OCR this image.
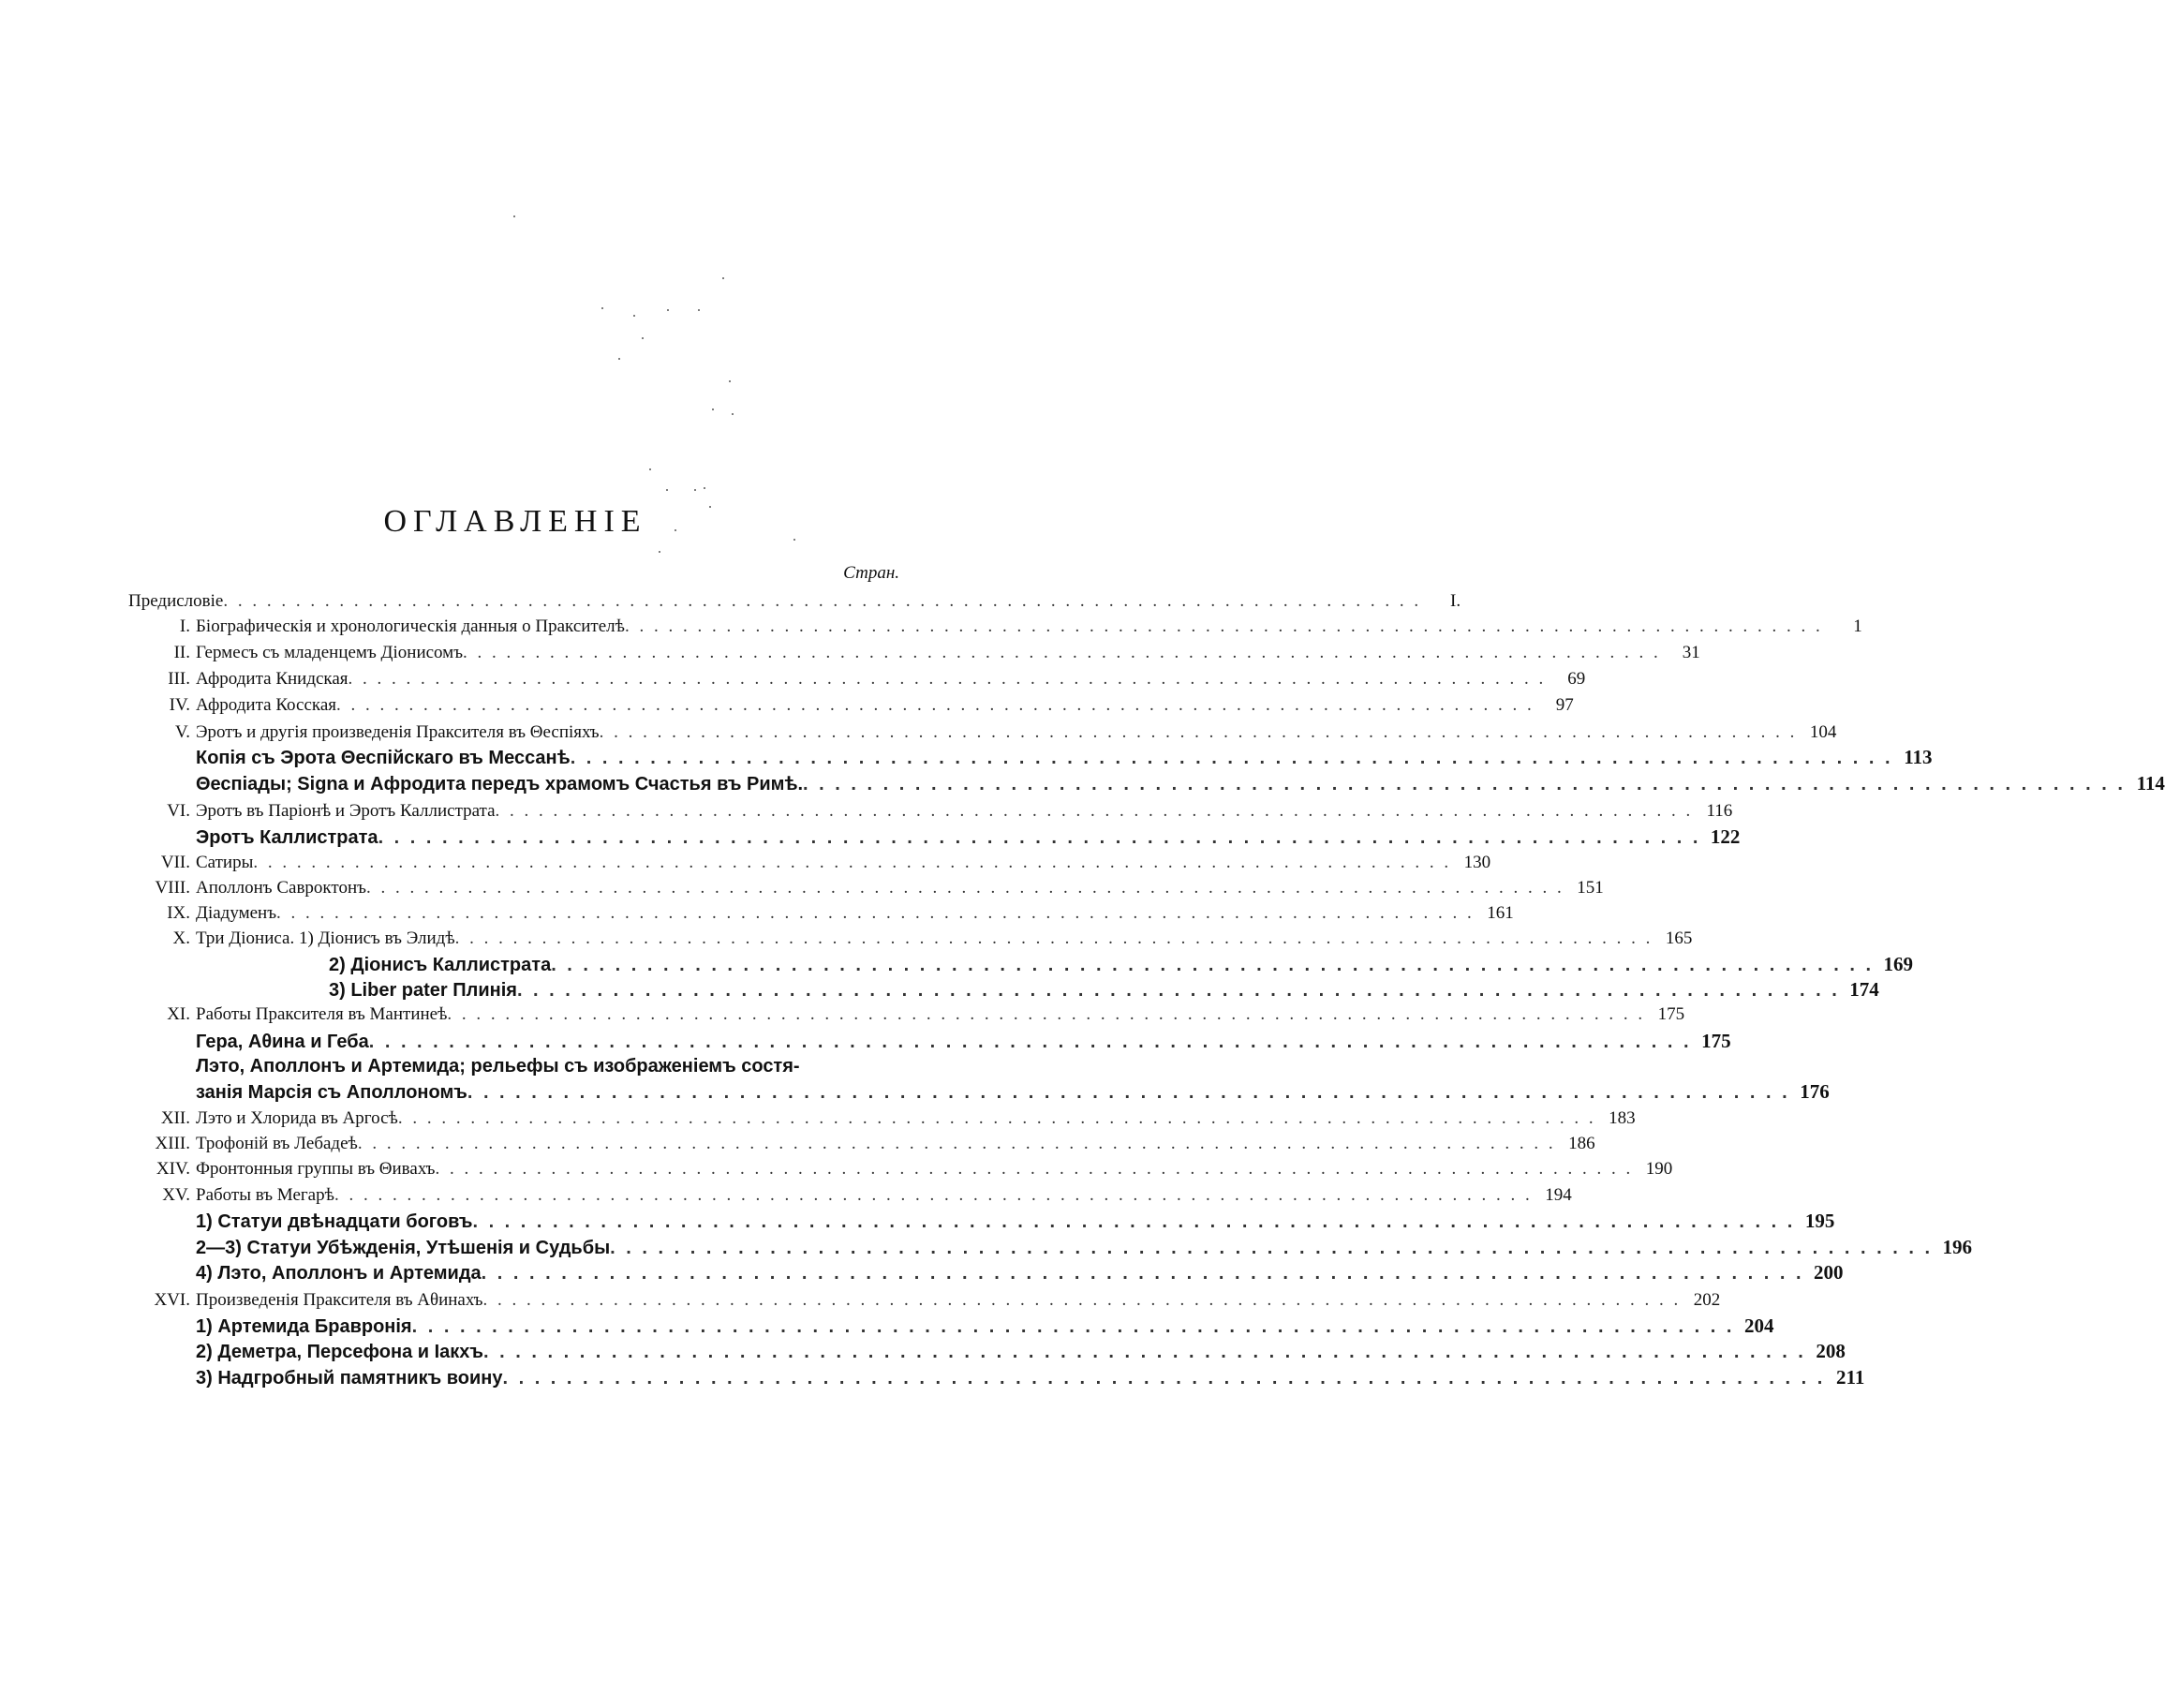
ОГЛАВЛЕНІЕ
Стран.
Предисловіе . . .	I.
I. Біографическія и хронологическія данныя о Праксителѣ . . .	1
II. Гермесъ съ младенцемъ Діонисомъ . . .	31
III. Афродита Книдская . . .	69
IV. Афродита Косская . . .	97
V. Эротъ и другія произведенія Праксителя въ Θеспіяхъ . . .	104
Копія съ Эрота Θеспійскаго въ Мессанѣ . . .	113
Θеспіады; Signa и Афродита передъ храмомъ Счастья въ Римѣ. . . .	114
VI. Эротъ въ Паріонѣ и Эротъ Каллистрата . . .	116
Эротъ Каллистрата . . .	122
VII. Сатиры . . .	130
VIII. Аполлонъ Савроктонъ . . .	151
IX. Діадуменъ . . .	161
X. Три Діониса. 1) Діонисъ въ Элидѣ . . .	165
2) Діонисъ Каллистрата . . .	169
3) Liber pater Плинія . . .	174
XI. Работы Праксителя въ Мантинеѣ . . .	175
Гера, Аθина и Геба . . .	175
Лэто, Аполлонъ и Артемида; рельефы съ изображеніемъ состя-
занія Марсія съ Аполлономъ . . .	176
XII. Лэто и Хлорида въ Аргосѣ . . .	183
XIII. Трофоній въ Лебадеѣ . . .	186
XIV. Фронтонныя группы въ Θивахъ . . .	190
XV. Работы въ Мегарѣ . . .	194
1) Статуи двѣнадцати боговъ . . .	195
2—3) Статуи Убѣжденія, Утѣшенія и Судьбы . . .	196
4) Лэто, Аполлонъ и Артемида . . .	200
XVI. Произведенія Праксителя въ Аθинахъ . . .	202
1) Артемида Бравронія . . .	204
2) Деметра, Персефона и Іакхъ . . .	208
3) Надгробный памятникъ воину . . .	211
